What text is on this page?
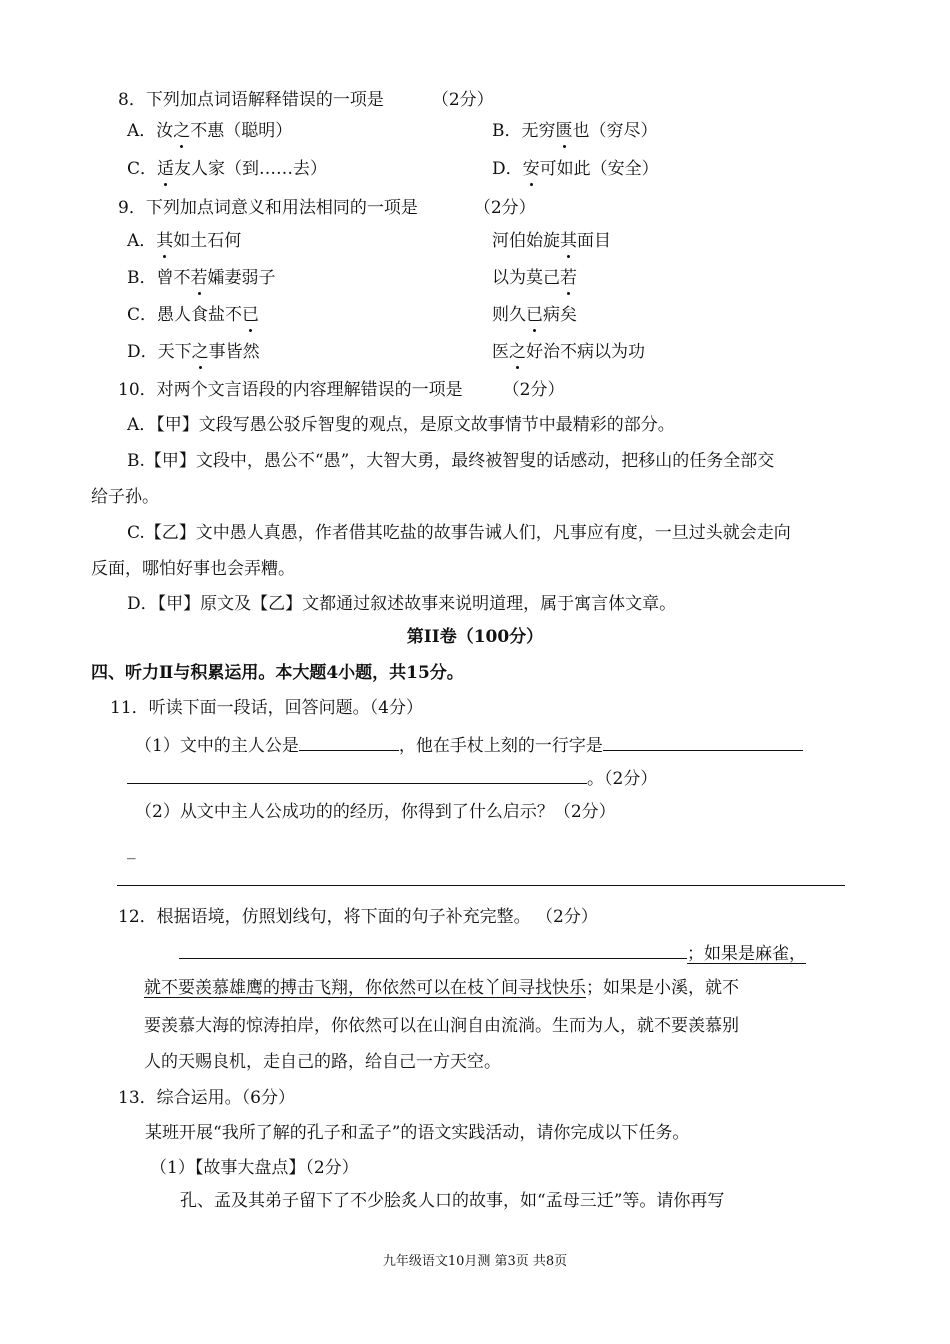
8．下列加点词语解释错误的一项是	（2分）
A．汝之不惠（聪明）	B．无穷匮也（穷尽）
C．适友人家（到……去）	D．安可如此（安全）
9．下列加点词意义和用法相同的一项是	（2分）
A．其如土石何	河伯始旋其面目
B．曾不若孀妻弱子	以为莫己若
C．愚人食盐不已	则久已病矣
D．天下之事皆然	医之好治不病以为功
10．对两个文言语段的内容理解错误的一项是 （2分）
A．【甲】文段写愚公驳斥智叟的观点，是原文故事情节中最精彩的部分。
B.【甲】文段中，愚公不“愚”，大智大勇，最终被智叟的话感动，把移山的任务全部交
给子孙。
C.【乙】文中愚人真愚，作者借其吃盐的故事告诫人们，凡事应有度，一旦过头就会走向
反面，哪怕好事也会弄糟。
D．【甲】原文及【乙】文都通过叙述故事来说明道理，属于寓言体文章。
第II卷（100分）
四、听力Ⅱ与积累运用。本大题4小题，共15分。
11．听读下面一段话，回答问题。（4分）
（1）文中的主人公是	，他在手杖上刻的一行字是
。（2分）
（2）从文中主人公成功的的经历，你得到了什么启示？（2分）
_
12．根据语境，仿照划线句，将下面的句子补充完整。 （2分）
；如果是麻雀，
就不要羡慕雄鹰的搏击飞翔，你依然可以在枝丫间寻找快乐；如果是小溪，就不
要羡慕大海的惊涛拍岸，你依然可以在山涧自由流淌。生而为人，就不要羡慕别
人的天赐良机，走自己的路，给自己一方天空。
13．综合运用。（6分）
某班开展“我所了解的孔子和孟子”的语文实践活动，请你完成以下任务。
（1）【故事大盘点】（2分）
孔、孟及其弟子留下了不少脍炙人口的故事，如“孟母三迁”等。请你再写
九年级语文10月测 第3页 共8页
